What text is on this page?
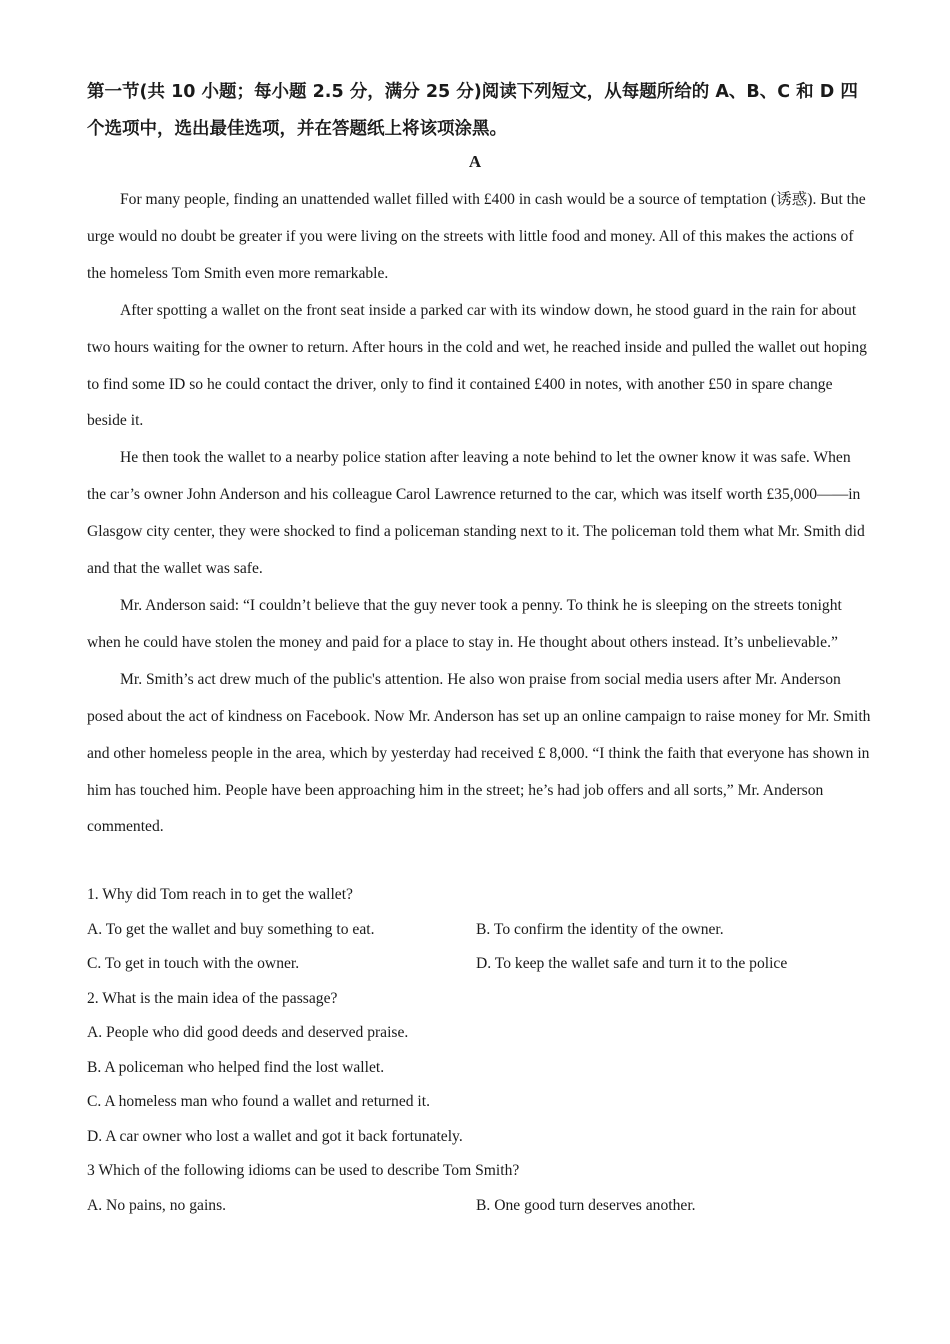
第一节(共 10 小题；每小题 2.5 分，满分 25 分)阅读下列短文，从每题所给的 A、B、C 和 D 四个选项中，选出最佳选项，并在答题纸上将该项涂黑。
A

For many people, finding an unattended wallet filled with £400 in cash would be a source of temptation (诱惑). But the urge would no doubt be greater if you were living on the streets with little food and money. All of this makes the actions of the homeless Tom Smith even more remarkable.

After spotting a wallet on the front seat inside a parked car with its window down, he stood guard in the rain for about two hours waiting for the owner to return. After hours in the cold and wet, he reached inside and pulled the wallet out hoping to find some ID so he could contact the driver, only to find it contained £400 in notes, with another £50 in spare change beside it.

He then took the wallet to a nearby police station after leaving a note behind to let the owner know it was safe. When the car’s owner John Anderson and his colleague Carol Lawrence returned to the car, which was itself worth £35,000——in Glasgow city center, they were shocked to find a policeman standing next to it. The policeman told them what Mr. Smith did and that the wallet was safe.

Mr. Anderson said: “I couldn’t believe that the guy never took a penny. To think he is sleeping on the streets tonight when he could have stolen the money and paid for a place to stay in. He thought about others instead. It’s unbelievable.”

Mr. Smith’s act drew much of the public's attention. He also won praise from social media users after Mr. Anderson posed about the act of kindness on Facebook. Now Mr. Anderson has set up an online campaign to raise money for Mr. Smith and other homeless people in the area, which by yesterday had received £ 8,000. “I think the faith that everyone has shown in him has touched him. People have been approaching him in the street; he’s had job offers and all sorts,” Mr. Anderson commented.

1. Why did Tom reach in to get the wallet?

A. To get the wallet and buy something to eat.	B. To confirm the identity of the owner.

C. To get in touch with the owner.	D. To keep the wallet safe and turn it to the police

2. What is the main idea of the passage?

A. People who did good deeds and deserved praise.

B. A policeman who helped find the lost wallet.

C. A homeless man who found a wallet and returned it.

D. A car owner who lost a wallet and got it back fortunately.

3 Which of the following idioms can be used to describe Tom Smith?

A. No pains, no gains.	B. One good turn deserves another.
